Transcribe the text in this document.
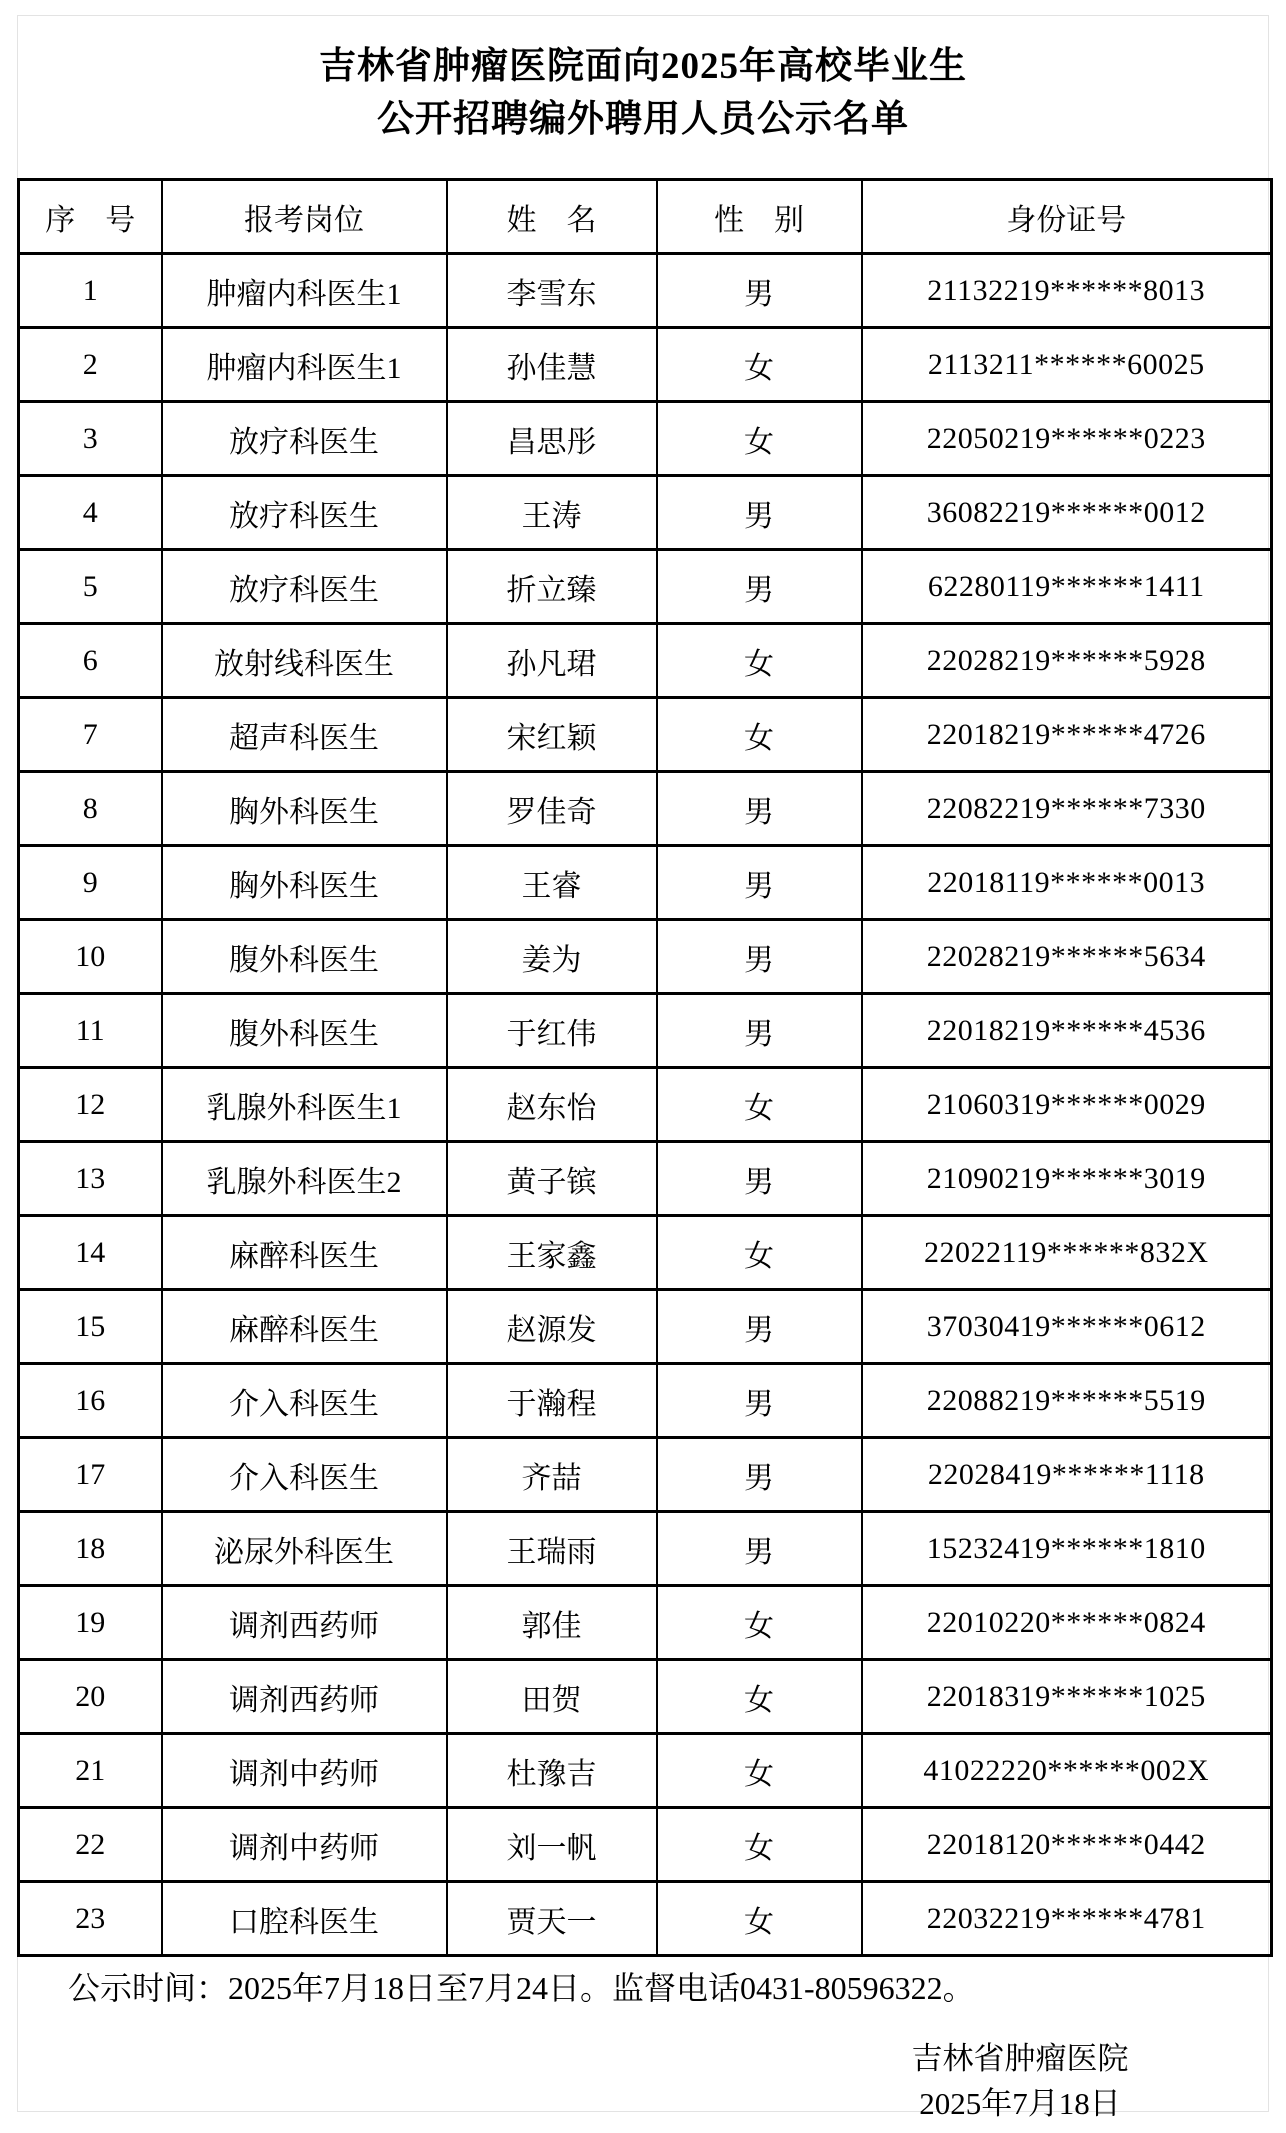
吉林省肿瘤医院面向2025年高校毕业生
公开招聘编外聘用人员公示名单
序　号	报考岗位	姓　名	性　别	身份证号
1	肿瘤内科医生1	李雪东	男	21132219******8013
2	肿瘤内科医生1	孙佳慧	女	2113211******60025
3	放疗科医生	昌思彤	女	22050219******0223
4	放疗科医生	王涛	男	36082219******0012
5	放疗科医生	折立臻	男	62280119******1411
6	放射线科医生	孙凡珺	女	22028219******5928
7	超声科医生	宋红颖	女	22018219******4726
8	胸外科医生	罗佳奇	男	22082219******7330
9	胸外科医生	王睿	男	22018119******0013
10	腹外科医生	姜为	男	22028219******5634
11	腹外科医生	于红伟	男	22018219******4536
12	乳腺外科医生1	赵东怡	女	21060319******0029
13	乳腺外科医生2	黄子镔	男	21090219******3019
14	麻醉科医生	王家鑫	女	22022119******832X
15	麻醉科医生	赵源发	男	37030419******0612
16	介入科医生	于瀚程	男	22088219******5519
17	介入科医生	齐喆	男	22028419******1118
18	泌尿外科医生	王瑞雨	男	15232419******1810
19	调剂西药师	郭佳	女	22010220******0824
20	调剂西药师	田贺	女	22018319******1025
21	调剂中药师	杜豫吉	女	41022220******002X
22	调剂中药师	刘一帆	女	22018120******0442
23	口腔科医生	贾天一	女	22032219******4781
公示时间：2025年7月18日至7月24日。监督电话0431-80596322。
吉林省肿瘤医院
2025年7月18日
